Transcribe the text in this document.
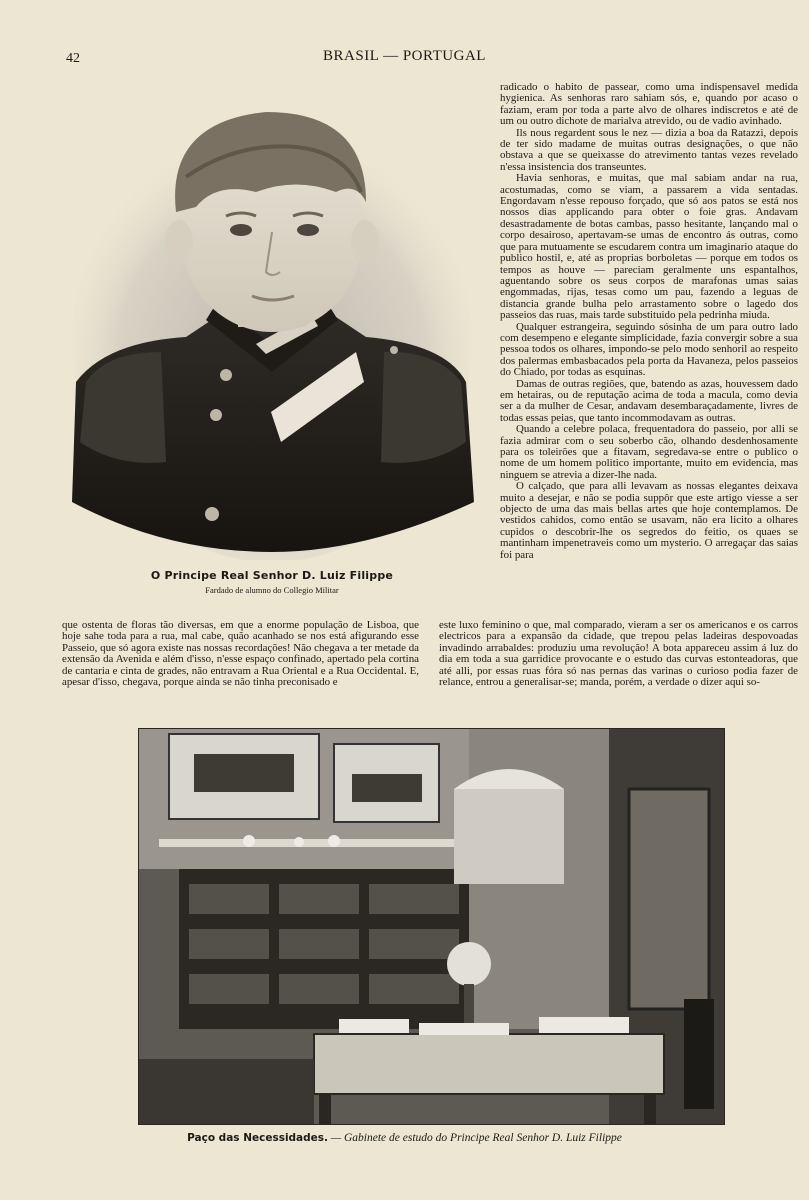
42	BRASIL — PORTUGAL
O Principe Real Senhor D. Luiz Filippe
Fardado de alumno do Collegio Militar

radicado o habito de passear, como uma indispensavel medida hygienica. As senhoras raro sahiam sós, e, quando por acaso o faziam, eram por toda a parte alvo de olhares indiscretos e até de um ou outro dichote de marialva atrevido, ou de vadio avinhado.

Ils nous regardent sous le nez — dizia a boa da Ratazzi, depois de ter sido madame de muitas outras designações, o que não obstava a que se queixasse do atrevimento tantas vezes revelado n'essa insistencia dos transeuntes.

Havia senhoras, e muitas, que mal sabiam andar na rua, acostumadas, como se viam, a passarem a vida sentadas. Engordavam n'esse repouso forçado, que só aos patos se está nos nossos dias applicando para obter o foie gras. Andavam desastradamente de botas cambas, passo hesitante, lançando mal o corpo desairoso, apertavam-se umas de encontro ás outras, como que para mutuamente se escudarem contra um imaginario ataque do publico hostil, e, até as proprias borboletas — porque em todos os tempos as houve — pareciam geralmente uns espantalhos, aguentando sobre os seus corpos de marafonas umas saias engommadas, rijas, tesas como um pau, fazendo a leguas de distancia grande bulha pelo arrastamento sobre o lagedo dos passeios das ruas, mais tarde substituido pela pedrinha miuda.

Qualquer estrangeira, seguindo sósinha de um para outro lado com desempeno e elegante simplicidade, fazia convergir sobre a sua pessoa todos os olhares, impondo-se pelo modo senhoril ao respeito dos palermas embasbacados pela porta da Havaneza, pelos passeios do Chiado, por todas as esquinas.

Damas de outras regiões, que, batendo as azas, houvessem dado em hetairas, ou de reputação acima de toda a macula, como devia ser a da mulher de Cesar, andavam desembaraçadamente, livres de todas essas peias, que tanto incommodavam as outras.

Quando a celebre polaca, frequentadora do passeio, por alli se fazia admirar com o seu soberbo cão, olhando desdenhosamente para os toleirões que a fitavam, segredava-se entre o publico o nome de um homem politico importante, muito em evidencia, mas ninguem se atrevia a dizer-lhe nada.

O calçado, que para alli levavam as nossas elegantes deixava muito a desejar, e não se podia suppôr que este artigo viesse a ser objecto de uma das mais bellas artes que hoje contemplamos. De vestidos cahidos, como então se usavam, não era licito a olhares cupidos o descobrir-lhe os segredos do feitio, os quaes se mantinham impenetraveis como um mysterio. O arregaçar das saias foi para

que ostenta de floras tão diversas, em que a enorme população de Lisboa, que hoje sahe toda para a rua, mal cabe, quão acanhado se nos está afigurando esse Passeio, que só agora existe nas nossas recordações! Não chegava a ter metade da extensão da Avenida e além d'isso, n'esse espaço confinado, apertado pela cortina de cantaria e cinta de grades, não entravam a Rua Oriental e a Rua Occidental. E, apesar d'isso, chegava, porque ainda se não tinha preconisado e

este luxo feminino o que, mal comparado, vieram a ser os americanos e os carros electricos para a expansão da cidade, que trepou pelas ladeiras despovoadas invadindo arrabaldes: produziu uma revolução! A bota appareceu assim á luz do dia em toda a sua garridice provocante e o estudo das curvas estonteadoras, que até alli, por essas ruas fóra só nas pernas das varinas o curioso podia fazer de relance, entrou a generalisar-se; manda, porém, a verdade o dizer aqui so-

Paço das Necessidades. — Gabinete de estudo do Principe Real Senhor D. Luiz Filippe
